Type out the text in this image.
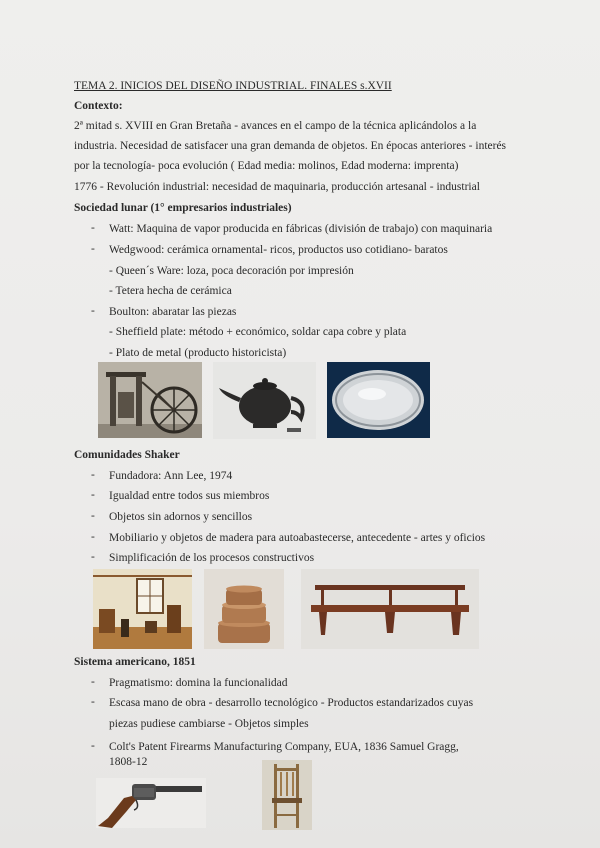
TEMA 2. INICIOS DEL DISEÑO INDUSTRIAL. FINALES s.XVII
Contexto:
2ª mitad s. XVIII en Gran Bretaña - avances en el campo de la técnica aplicándolos a la
industria. Necesidad de satisfacer una gran demanda de objetos. En épocas anteriores - interés
por la tecnología- poca evolución ( Edad media: molinos, Edad moderna: imprenta)
1776 - Revolución industrial: necesidad de maquinaria, producción artesanal - industrial
Sociedad lunar (1° empresarios industriales)
- Watt: Maquina de vapor producida en fábricas (división de trabajo) con maquinaria
- Wedgwood: cerámica ornamental- ricos, productos uso cotidiano- baratos
- Queen´s Ware: loza, poca decoración por impresión
- Tetera hecha de cerámica
- Boulton: abaratar las piezas
- Sheffield plate: método + económico, soldar capa cobre y plata
- Plato de metal (producto historicista)
Comunidades Shaker
- Fundadora: Ann Lee, 1974
- Igualdad entre todos sus miembros
- Objetos sin adornos y sencillos
- Mobiliario y objetos de madera para autoabastecerse, antecedente - artes y oficios
- Simplificación de los procesos constructivos
Sistema americano, 1851
- Pragmatismo: domina la funcionalidad
- Escasa mano de obra - desarrollo tecnológico - Productos estandarizados cuyas
piezas pudiese cambiarse - Objetos simples
- Colt's Patent Firearms Manufacturing Company, EUA, 1836 Samuel Gragg,
1808-12
